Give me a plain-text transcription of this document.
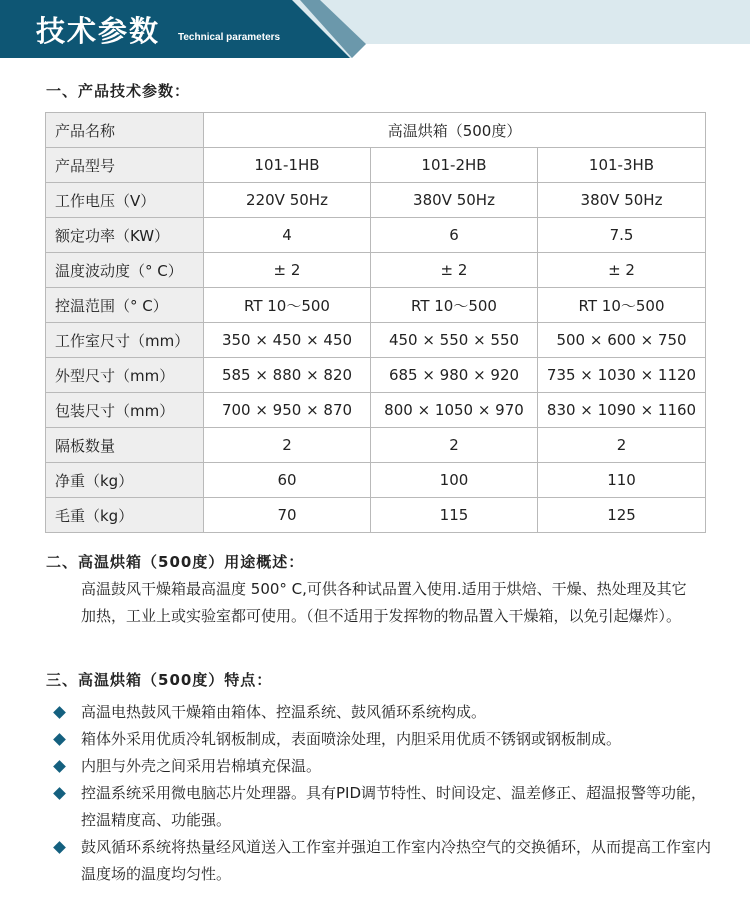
技术参数 Technical parameters
一、产品技术参数：
产品名称	高温烘箱（500度）		
产品型号	101-1HB	101-2HB	101-3HB
工作电压（V）	220V 50Hz	380V 50Hz	380V 50Hz
额定功率（KW）	4	6	7.5
温度波动度（° C）	± 2	± 2	± 2
控温范围（° C）	RT 10～500	RT 10～500	RT 10～500
工作室尺寸（mm）	350 × 450 × 450	450 × 550 × 550	500 × 600 × 750
外型尺寸（mm）	585 × 880 × 820	685 × 980 × 920	735 × 1030 × 1120
包装尺寸（mm）	700 × 950 × 870	800 × 1050 × 970	830 × 1090 × 1160
隔板数量	2	2	2
净重（kg）	60	100	110
毛重（kg）	70	115	125
二、高温烘箱（500度）用途概述：
高温鼓风干燥箱最高温度 500° C,可供各种试品置入使用.适用于烘焙、干燥、热处理及其它加热，工业上或实验室都可使用。（但不适用于发挥物的物品置入干燥箱，以免引起爆炸）。
三、高温烘箱（500度）特点：
高温电热鼓风干燥箱由箱体、控温系统、鼓风循环系统构成。
箱体外采用优质冷轧钢板制成，表面喷涂处理，内胆采用优质不锈钢或钢板制成。
内胆与外壳之间采用岩棉填充保温。
控温系统采用微电脑芯片处理器。具有PID调节特性、时间设定、温差修正、超温报警等功能，控温精度高、功能强。
鼓风循环系统将热量经风道送入工作室并强迫工作室内冷热空气的交换循环，从而提高工作室内温度场的温度均匀性。
